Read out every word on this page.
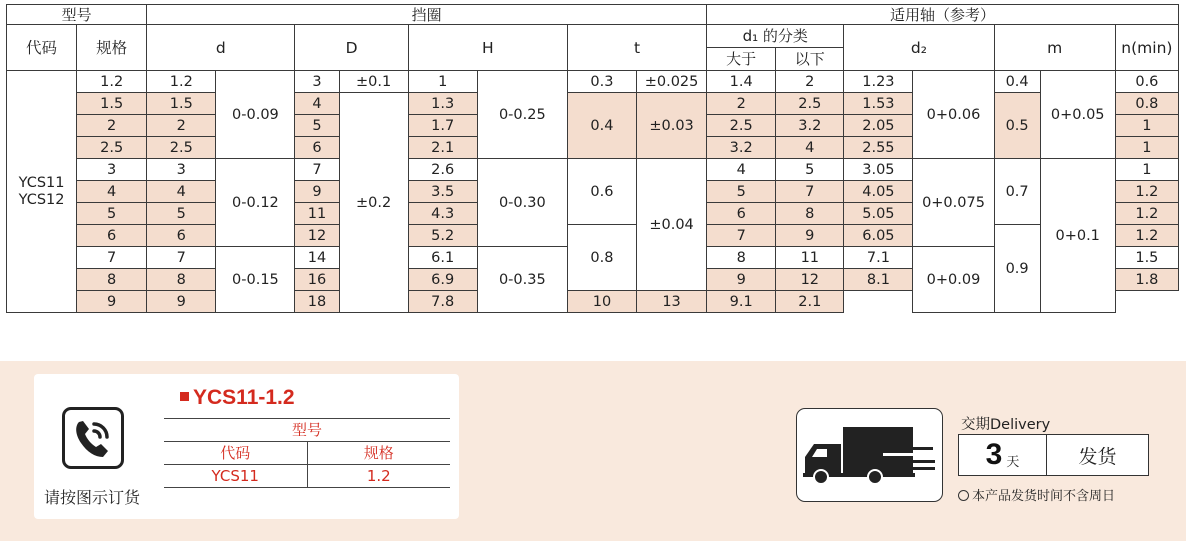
型号		挡圈								适用轴（参考）						
代码	规格	d		D		H		t		d₁ 的分类		d₂		m		n(min)
										大于	以下					
YCS11
YCS12	1.2	1.2	0-0.09	3	±0.1	1	0-0.25	0.3	±0.025	1.4	2	1.23	0+0.06	0.4	0+0.05	0.6
	1.5	1.5		4	±0.2	1.3		0.4	±0.03	2	2.5	1.53		0.5		0.8
	2	2		5		1.7				2.5	3.2	2.05				1
	2.5	2.5		6		2.1				3.2	4	2.55				1
	3	3	0-0.12	7		2.6	0-0.30	0.6	±0.04	4	5	3.05	0+0.075	0.7	0+0.1	1
	4	4		9		3.5				5	7	4.05				1.2
	5	5		11		4.3				6	8	5.05				1.2
	6	6		12		5.2		0.8		7	9	6.05		0.9		1.2
	7	7	0-0.15	14		6.1	0-0.35			8	11	7.1	0+0.09			1.5
	8	8		16		6.9				9	12	8.1				1.8
	9	9		18		7.8		10	13	9.1	2.1					
请按图示订货
YCS11-1.2
型号	
代码	规格
YCS11	1.2
交期Delivery
3 天	发货
本产品发货时间不含周日
